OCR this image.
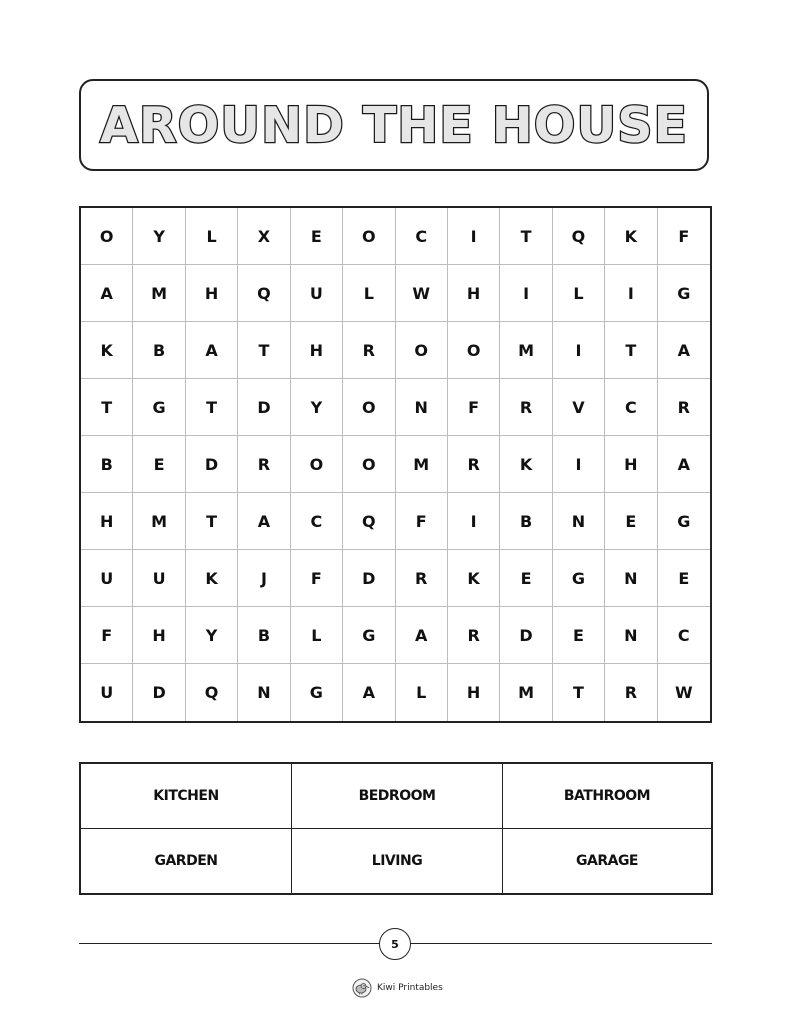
AROUND THE HOUSE
O	Y	L	X	E	O	C	I	T	Q	K	F
A	M	H	Q	U	L	W	H	I	L	I	G
K	B	A	T	H	R	O	O	M	I	T	A
T	G	T	D	Y	O	N	F	R	V	C	R
B	E	D	R	O	O	M	R	K	I	H	A
H	M	T	A	C	Q	F	I	B	N	E	G
U	U	K	J	F	D	R	K	E	G	N	E
F	H	Y	B	L	G	A	R	D	E	N	C
U	D	Q	N	G	A	L	H	M	T	R	W
KITCHEN	BEDROOM	BATHROOM
GARDEN	LIVING	GARAGE
5
Kiwi Printables
